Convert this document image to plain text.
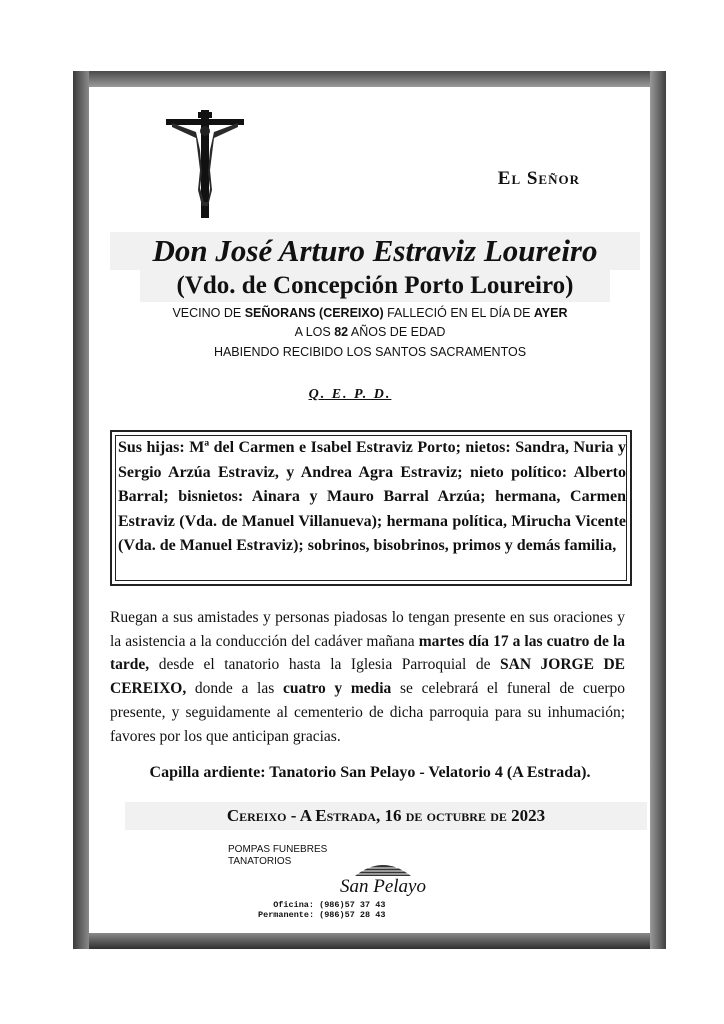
El Señor
Don José Arturo Estraviz Loureiro
(Vdo. de Concepción Porto Loureiro)
VECINO DE SEÑORANS (CEREIXO) FALLECIÓ EN EL DÍA DE AYER
A LOS 82 AÑOS DE EDAD
HABIENDO RECIBIDO LOS SANTOS SACRAMENTOS
Q. E. P. D.
Sus hijas: Mª del Carmen e Isabel Estraviz Porto; nietos: Sandra, Nuria y Sergio Arzúa Estraviz, y Andrea Agra Estraviz; nieto político: Alberto Barral; bisnietos: Ainara y Mauro Barral Arzúa; hermana, Carmen Estraviz (Vda. de Manuel Villanueva); hermana política, Mirucha Vicente (Vda. de Manuel Estraviz); sobrinos, bisobrinos, primos y demás familia,
Ruegan a sus amistades y personas piadosas lo tengan presente en sus oraciones y la asistencia a la conducción del cadáver mañana martes día 17 a las cuatro de la tarde, desde el tanatorio hasta la Iglesia Parroquial de SAN JORGE DE CEREIXO, donde a las cuatro y media se celebrará el funeral de cuerpo presente, y seguidamente al cementerio de dicha parroquia para su inhumación; favores por los que anticipan gracias.
Capilla ardiente: Tanatorio San Pelayo - Velatorio 4 (A Estrada).
Cereixo - A Estrada, 16 de octubre de 2023
POMPAS FUNEBRES
TANATORIOS
San Pelayo
Oficina: (986)57 37 43
Permanente: (986)57 28 43
